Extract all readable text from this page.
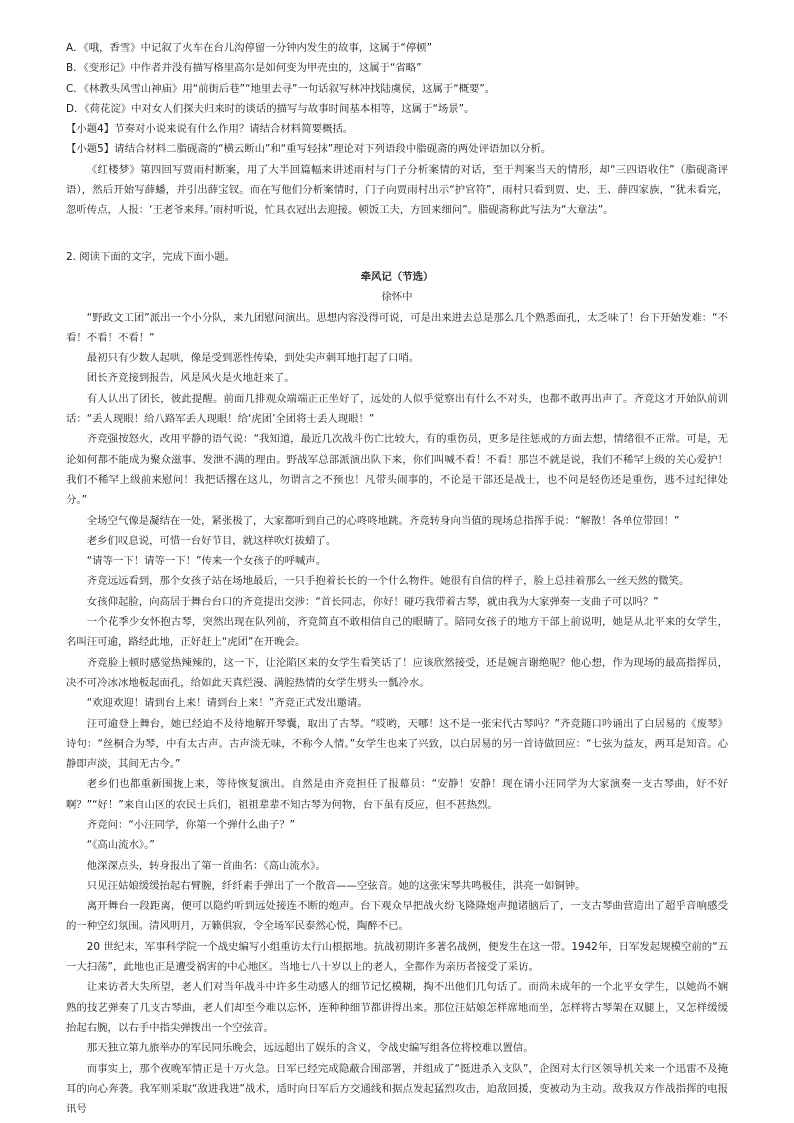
A．《哦，香雪》中记叙了火车在台儿沟停留一分钟内发生的故事，这属于“停顿”
B．《变形记》中作者并没有描写格里高尔是如何变为甲壳虫的，这属于“省略”
C．《林教头风雪山神庙》用“前街后巷”“地里去寻”一句话叙写林冲找陆虞侯，这属于“概要”。
D．《荷花淀》中对女人们探夫归来时的谈话的描写与故事时间基本相等，这属于“场景”。
【小题4】节奏对小说来说有什么作用？请结合材料简要概括。
【小题5】请结合材料二脂砚斋的“横云断山”和“重写轻抹”理论对下列语段中脂砚斋的两处评语加以分析。

《红楼梦》第四回写贾雨村断案，用了大半回篇幅来讲述雨村与门子分析案情的对话，至于判案当天的情形，却“三四语收住”（脂砚斋评语），然后开始写薛蟠，并引出薛宝钗。而在写他们分析案情时，门子向贾雨村出示“护官符”，雨村只看到贾、史、王、薛四家族，“犹未看完，忽听传点，人报：‘王老爷来拜。’雨村听说，忙具衣冠出去迎接。顿饭工夫，方回来细问”。脂砚斋称此写法为“大章法”。

2. 阅读下面的文字，完成下面小题。
牵风记（节选）
徐怀中

“野政文工团”派出一个小分队，来九团慰问演出。思想内容没得可说，可是出来进去总是那么几个熟悉面孔，太乏味了！台下开始发难：“不看！不看！不看！”

最初只有少数人起哄，像是受到恶性传染，到处尖声刺耳地打起了口哨。

团长齐竞接到报告，风是风火是火地赶来了。

有人认出了团长，彼此提醒。前面几排观众端端正正坐好了，远处的人似乎觉察出有什么不对头，也都不敢再出声了。齐竞这才开始队前训话：“丢人现眼！给八路军丢人现眼！给‘虎团’全团将士丢人现眼！”

齐竞强按怒火，改用平静的语气说：“我知道，最近几次战斗伤亡比较大，有的重伤员，更多是往惩戒的方面去想，情绪很不正常。可是，无论如何都不能成为聚众滋事、发泄不满的理由。野战军总部派演出队下来，你们叫喊不看！不看！那岂不就是说，我们不稀罕上级的关心爱护！我们不稀罕上级前来慰问！我把话撂在这儿，勿谓言之不预也！凡带头闹事的，不论是干部还是战士，也不问是轻伤还是重伤，逃不过纪律处分。”

全场空气像是凝结在一处，紧张极了，大家都听到自己的心咚咚地跳。齐竞转身向当值的现场总指挥手说：“解散！各单位带回！”

老乡们叹息说，可惜一台好节目，就这样吹灯拔蜡了。

“请等一下！请等一下！”传来一个女孩子的呼喊声。

齐竞远远看到，那个女孩子站在场地最后，一只手抱着长长的一个什么物件。她很有自信的样子，脸上总挂着那么一丝天然的微笑。

女孩仰起脸，向高居于舞台台口的齐竞提出交涉：“首长同志，你好！碰巧我带着古琴，就由我为大家弹奏一支曲子可以吗？”

一个花季少女怀抱古琴，突然出现在队列前，齐竞简直不敢相信自己的眼睛了。陪同女孩子的地方干部上前说明，她是从北平来的女学生，名叫汪可逾，路经此地，正好赶上“虎团”在开晚会。

齐竞脸上顿时感觉热辣辣的，这一下，让沦陷区来的女学生看笑话了！应该欣然接受，还是婉言谢绝呢？他心想，作为现场的最高指挥员，决不可冷冰冰地板起面孔，给如此天真烂漫、满腔热情的女学生劈头一瓢冷水。

“欢迎欢迎！请到台上来！请到台上来！”齐竞正式发出邀请。

汪可逾登上舞台，她已经迫不及待地解开琴囊，取出了古琴。“哎哟，天哪！这不是一张宋代古琴吗？”齐竞随口吟诵出了白居易的《废琴》诗句：“丝桐合为琴，中有太古声。古声淡无味，不称今人情。”女学生也来了兴致，以白居易的另一首诗做回应：“七弦为益友，两耳是知音。心静即声淡，其间无古今。”

老乡们也都重新围拢上来，等待恢复演出。自然是由齐竞担任了报幕员：“安静！安静！现在请小汪同学为大家演奏一支古琴曲，好不好啊？”“好！”来自山区的农民士兵们，祖祖辈辈不知古琴为何物，台下虽有反应，但不甚热烈。

齐竞问：“小汪同学，你第一个弹什么曲子？”

“《高山流水》。”

他深深点头，转身报出了第一首曲名：《高山流水》。

只见汪姑娘缓缓抬起右臂腕，纤纤素手弹出了一个散音——空弦音。她的这张宋琴共鸣极佳，洪亮一如铜钟。

离开舞台一段距离，便可以隐约听到远处接连不断的炮声。台下观众早把战火纷飞隆隆炮声抛诸脑后了，一支古琴曲营造出了超乎音响感受的一种空幻氛围。清风明月，万籁俱寂，令全场军民泰然心悦，陶醉不已。

20 世纪末，军事科学院一个战史编写小组重访太行山根据地。抗战初期许多著名战例，便发生在这一带。1942年，日军发起规模空前的“五一大扫荡”，此地也正是遭受祸害的中心地区。当地七八十岁以上的老人，全都作为亲历者接受了采访。

让来访者大失所望，老人们对当年战斗中许多生动感人的细节记忆模糊，掏不出他们几句话了。而尚未成年的一个北平女学生，以她尚不娴熟的技艺弹奏了几支古琴曲，老人们却至今难以忘怀，连种种细节都讲得出来。那位汪姑娘怎样席地而坐，怎样将古琴架在双腿上，又怎样缓缓抬起右腕，以右手中指尖弹拨出一个空弦音。

那天独立第九旅举办的军民同乐晚会，远远超出了娱乐的含义，令战史编写组各位将校难以置信。

而事实上，那个夜晚军情正是十万火急。日军已经完成隐蔽合围部署，并组成了“挺进杀入支队”，企图对太行区领导机关来一个迅雷不及掩耳的向心奔袭。我军则采取“敌进我进”战术，适时向日军后方交通线和据点发起猛烈攻击，迫敌回援，变被动为主动。敌我双方作战指挥的电报讯号
